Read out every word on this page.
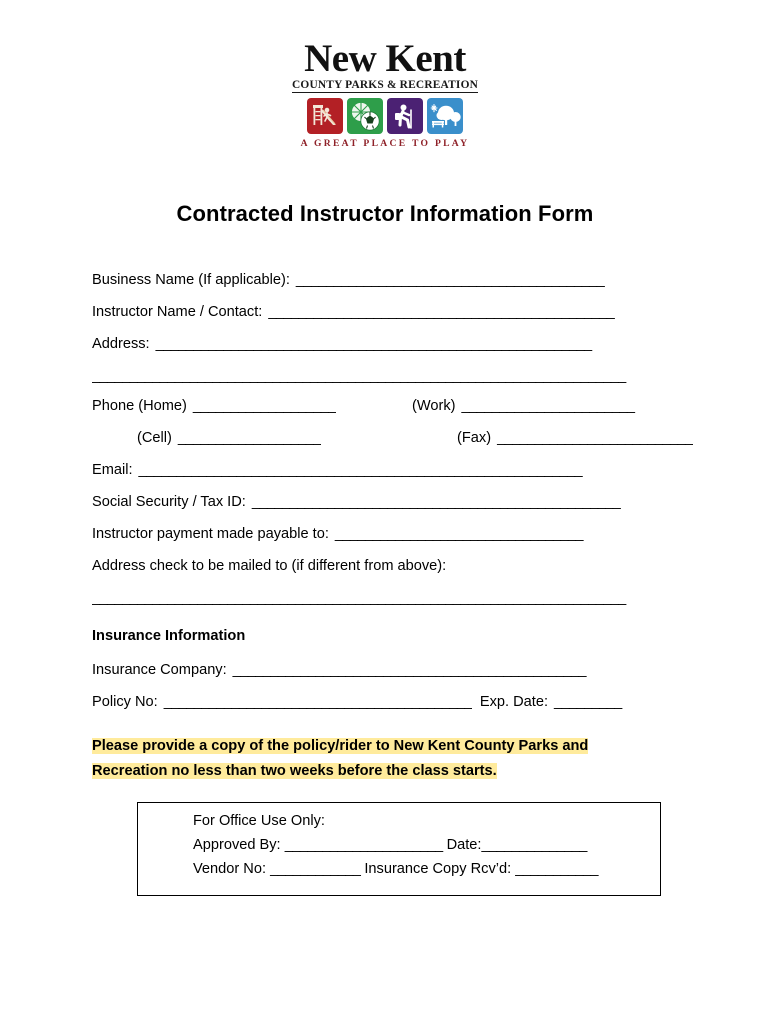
New Kent
COUNTY PARKS & RECREATION
A GREAT PLACE TO PLAY
Contracted Instructor Information Form
Business Name (If applicable): _________________________________________
Instructor Name / Contact: ______________________________________________
Address: __________________________________________________________
_______________________________________________________________________
Phone (Home) ___________________	(Work) _______________________
(Cell) ___________________	(Fax) __________________________
Email: ___________________________________________________________
Social Security / Tax ID: _________________________________________________
Instructor payment made payable to: _________________________________
Address check to be mailed to (if different from above):
_______________________________________________________________________
Insurance Information
Insurance Company: _______________________________________________
Policy No: _________________________________________ Exp. Date: _________
Please provide a copy of the policy/rider to New Kent County Parks and
Recreation no less than two weeks before the class starts.
For Office Use Only:
Approved By: _____________________ Date:______________
Vendor No: ____________ Insurance Copy Rcv’d: ___________
